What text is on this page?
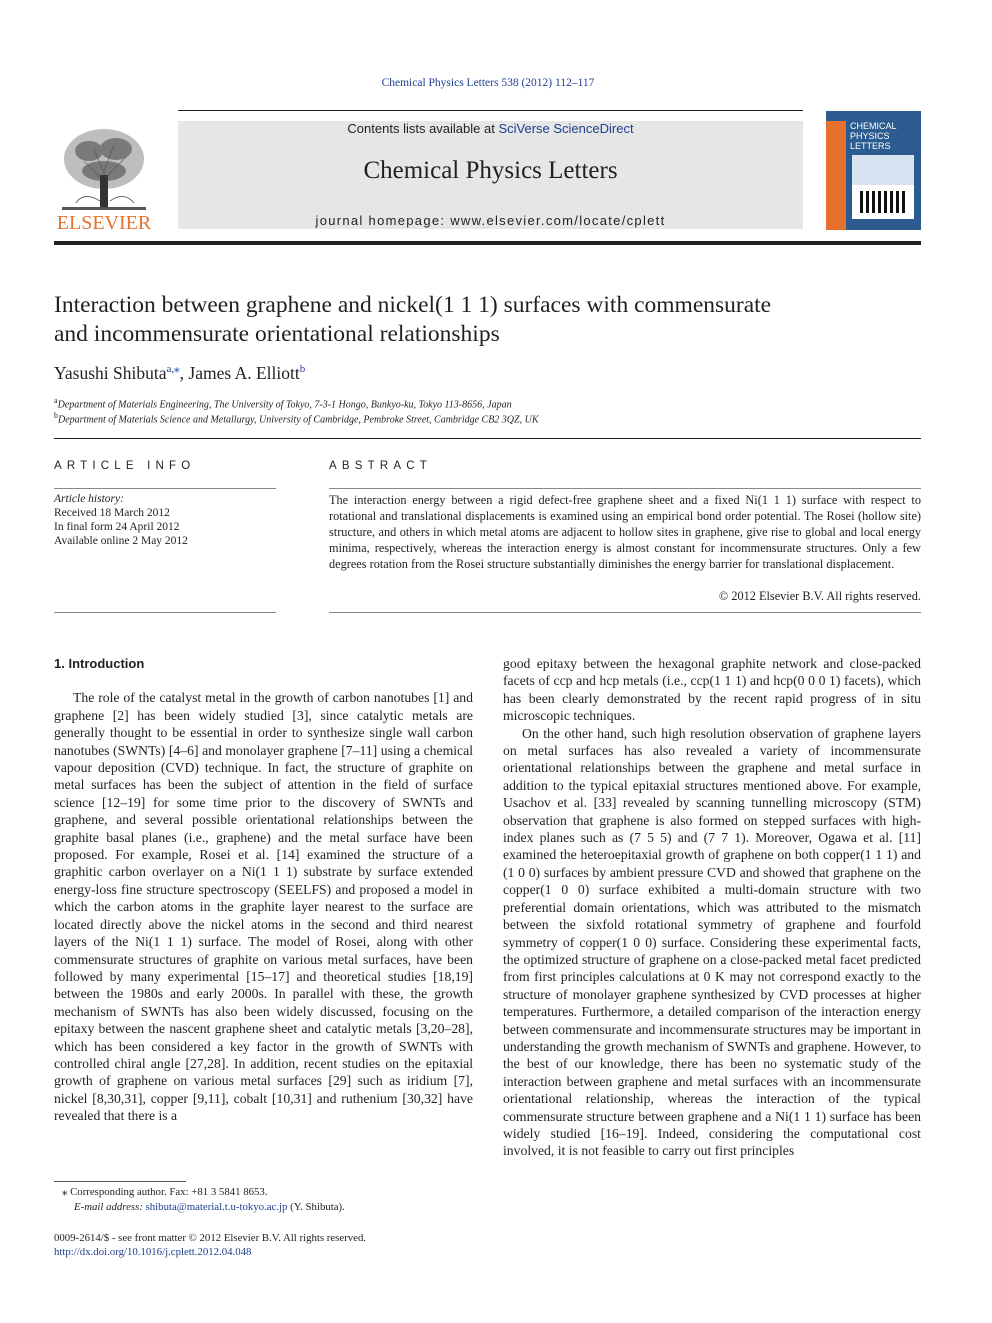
Chemical Physics Letters 538 (2012) 112–117
ELSEVIER
Contents lists available at SciVerse ScienceDirect
Chemical Physics Letters
journal homepage: www.elsevier.com/locate/cplett
CHEMICAL
PHYSICS
LETTERS
Interaction between graphene and nickel(1 1 1) surfaces with commensurate
and incommensurate orientational relationships
Yasushi Shibuta$^{a,⁎}$, James A. Elliott$^b$
$^a$Department of Materials Engineering, The University of Tokyo, 7-3-1 Hongo, Bunkyo-ku, Tokyo 113-8656, Japan
$^b$Department of Materials Science and Metallurgy, University of Cambridge, Pembroke Street, Cambridge CB2 3QZ, UK
ARTICLE INFO
Article history:
Received 18 March 2012
In final form 24 April 2012
Available online 2 May 2012
ABSTRACT
The interaction energy between a rigid defect-free graphene sheet and a fixed Ni(1 1 1) surface with respect to rotational and translational displacements is examined using an empirical bond order potential. The Rosei (hollow site) structure, and others in which metal atoms are adjacent to hollow sites in graphene, give rise to global and local energy minima, respectively, whereas the interaction energy is almost constant for incommensurate structures. Only a few degrees rotation from the Rosei structure substantially diminishes the energy barrier for translational displacement.
© 2012 Elsevier B.V. All rights reserved.
1. Introduction

The role of the catalyst metal in the growth of carbon nanotubes [1] and graphene [2] has been widely studied [3], since catalytic metals are generally thought to be essential in order to synthesize single wall carbon nanotubes (SWNTs) [4–6] and monolayer graphene [7–11] using a chemical vapour deposition (CVD) technique. In fact, the structure of graphite on metal surfaces has been the subject of attention in the field of surface science [12–19] for some time prior to the discovery of SWNTs and graphene, and several possible orientational relationships between the graphite basal planes (i.e., graphene) and the metal surface have been proposed. For example, Rosei et al. [14] examined the structure of a graphitic carbon overlayer on a Ni(1 1 1) substrate by surface extended energy-loss fine structure spectroscopy (SEELFS) and proposed a model in which the carbon atoms in the graphite layer nearest to the surface are located directly above the nickel atoms in the second and third nearest layers of the Ni(1 1 1) surface. The model of Rosei, along with other commensurate structures of graphite on various metal surfaces, have been followed by many experimental [15–17] and theoretical studies [18,19] between the 1980s and early 2000s. In parallel with these, the growth mechanism of SWNTs has also been widely discussed, focusing on the epitaxy between the nascent graphene sheet and catalytic metals [3,20–28], which has been considered a key factor in the growth of SWNTs with controlled chiral angle [27,28]. In addition, recent studies on the epitaxial growth of graphene on various metal surfaces [29] such as iridium [7], nickel [8,30,31], copper [9,11], cobalt [10,31] and ruthenium [30,32] have revealed that there is a

good epitaxy between the hexagonal graphite network and close-packed facets of ccp and hcp metals (i.e., ccp(1 1 1) and hcp(0 0 0 1) facets), which has been clearly demonstrated by the recent rapid progress of in situ microscopic techniques.

On the other hand, such high resolution observation of graphene layers on metal surfaces has also revealed a variety of incommensurate orientational relationships between the graphene and metal surface in addition to the typical epitaxial structures mentioned above. For example, Usachov et al. [33] revealed by scanning tunnelling microscopy (STM) observation that graphene is also formed on stepped surfaces with high-index planes such as (7 5 5) and (7 7 1). Moreover, Ogawa et al. [11] examined the heteroepitaxial growth of graphene on both copper(1 1 1) and (1 0 0) surfaces by ambient pressure CVD and showed that graphene on the copper(1 0 0) surface exhibited a multi-domain structure with two preferential domain orientations, which was attributed to the mismatch between the sixfold rotational symmetry of graphene and fourfold symmetry of copper(1 0 0) surface. Considering these experimental facts, the optimized structure of graphene on a close-packed metal facet predicted from first principles calculations at 0 K may not correspond exactly to the structure of monolayer graphene synthesized by CVD processes at higher temperatures. Furthermore, a detailed comparison of the interaction energy between commensurate and incommensurate structures may be important in understanding the growth mechanism of SWNTs and graphene. However, to the best of our knowledge, there has been no systematic study of the interaction between graphene and metal surfaces with an incommensurate orientational relationship, whereas the interaction of the typical commensurate structure between graphene and a Ni(1 1 1) surface has been widely studied [16–19]. Indeed, considering the computational cost involved, it is not feasible to carry out first principles

⁎ Corresponding author. Fax: +81 3 5841 8653.
E-mail address: shibuta@material.t.u-tokyo.ac.jp (Y. Shibuta).
0009-2614/$ - see front matter © 2012 Elsevier B.V. All rights reserved.
http://dx.doi.org/10.1016/j.cplett.2012.04.048
